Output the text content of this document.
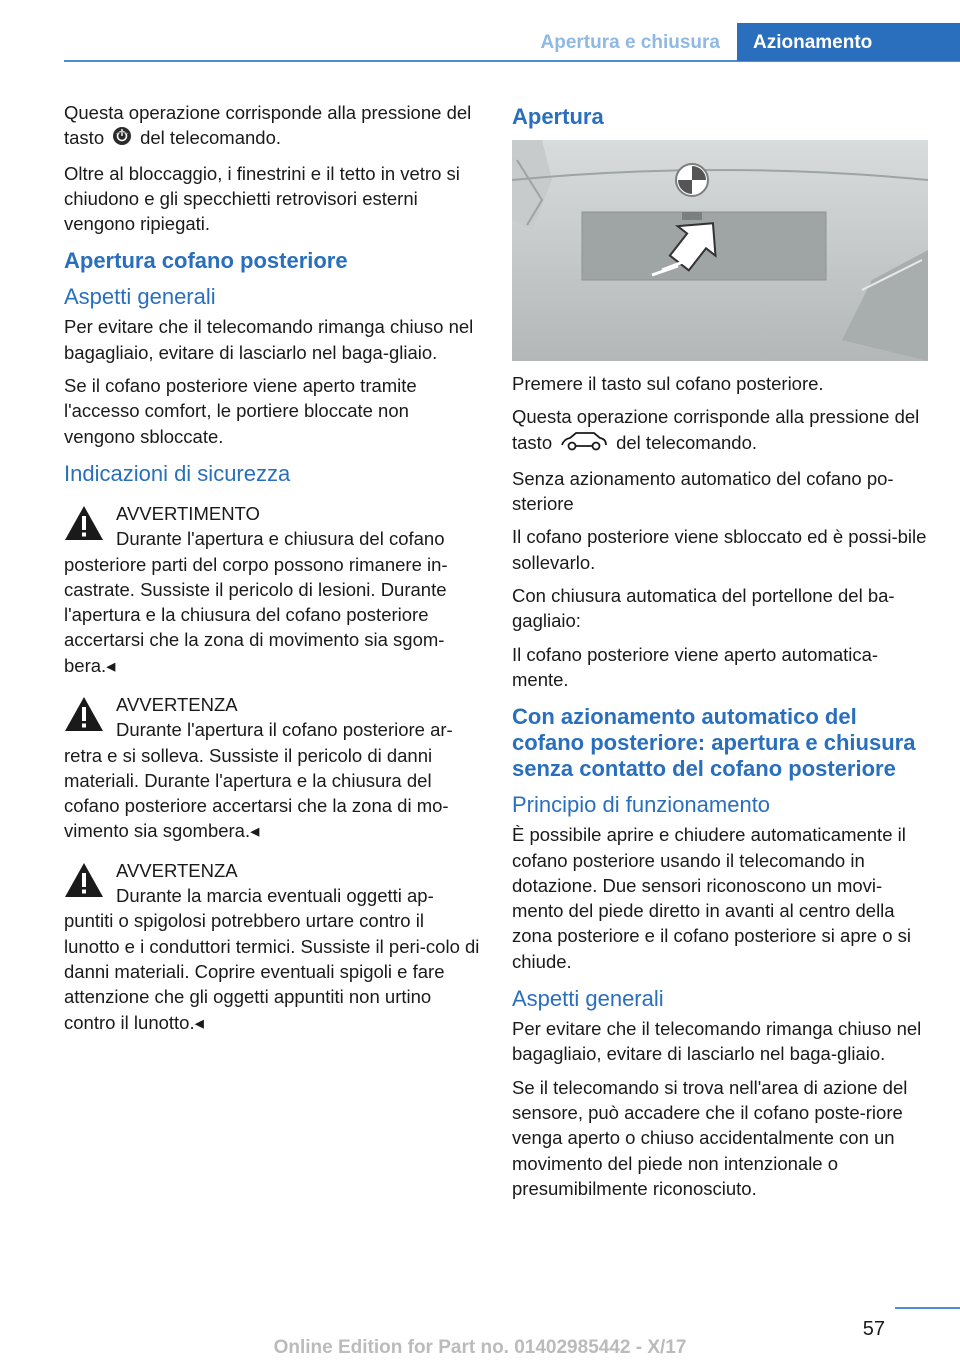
Apertura e chiusura	Azionamento

Questa operazione corrisponde alla pressione del tasto del telecomando.

Oltre al bloccaggio, i finestrini e il tetto in vetro si chiudono e gli specchietti retrovisori esterni vengono ripiegati.

Apertura cofano posteriore
Aspetti generali

Per evitare che il telecomando rimanga chiuso nel bagagliaio, evitare di lasciarlo nel baga-gliaio.

Se il cofano posteriore viene aperto tramite l'accesso comfort, le portiere bloccate non vengono sbloccate.

Indicazioni di sicurezza
AVVERTIMENTO

Durante l'apertura e chiusura del cofano posteriore parti del corpo possono rimanere in-castrate. Sussiste il pericolo di lesioni. Durante l'apertura e la chiusura del cofano posteriore accertarsi che la zona di movimento sia sgom-bera.◂

AVVERTENZA

Durante l'apertura il cofano posteriore ar-retra e si solleva. Sussiste il pericolo di danni materiali. Durante l'apertura e la chiusura del cofano posteriore accertarsi che la zona di mo-vimento sia sgombera.◂

AVVERTENZA

Durante la marcia eventuali oggetti ap-puntiti o spigolosi potrebbero urtare contro il lunotto e i conduttori termici. Sussiste il peri-colo di danni materiali. Coprire eventuali spigoli e fare attenzione che gli oggetti appuntiti non urtino contro il lunotto.◂

Apertura

Premere il tasto sul cofano posteriore.

Questa operazione corrisponde alla pressione del tasto	del telecomando.

Senza azionamento automatico del cofano po-steriore

Il cofano posteriore viene sbloccato ed è possi-bile sollevarlo.

Con chiusura automatica del portellone del ba-gagliaio:

Il cofano posteriore viene aperto automatica-mente.

Con azionamento automatico del cofano posteriore: apertura e chiusura senza contatto del cofano posteriore
Principio di funzionamento

È possibile aprire e chiudere automaticamente il cofano posteriore usando il telecomando in dotazione. Due sensori riconoscono un movi-mento del piede diretto in avanti al centro della zona posteriore e il cofano posteriore si apre o si chiude.

Aspetti generali

Per evitare che il telecomando rimanga chiuso nel bagagliaio, evitare di lasciarlo nel baga-gliaio.

Se il telecomando si trova nell'area di azione del sensore, può accadere che il cofano poste-riore venga aperto o chiuso accidentalmente con un movimento del piede non intenzionale o presumibilmente riconosciuto.

57
Online Edition for Part no. 01402985442 - X/17
